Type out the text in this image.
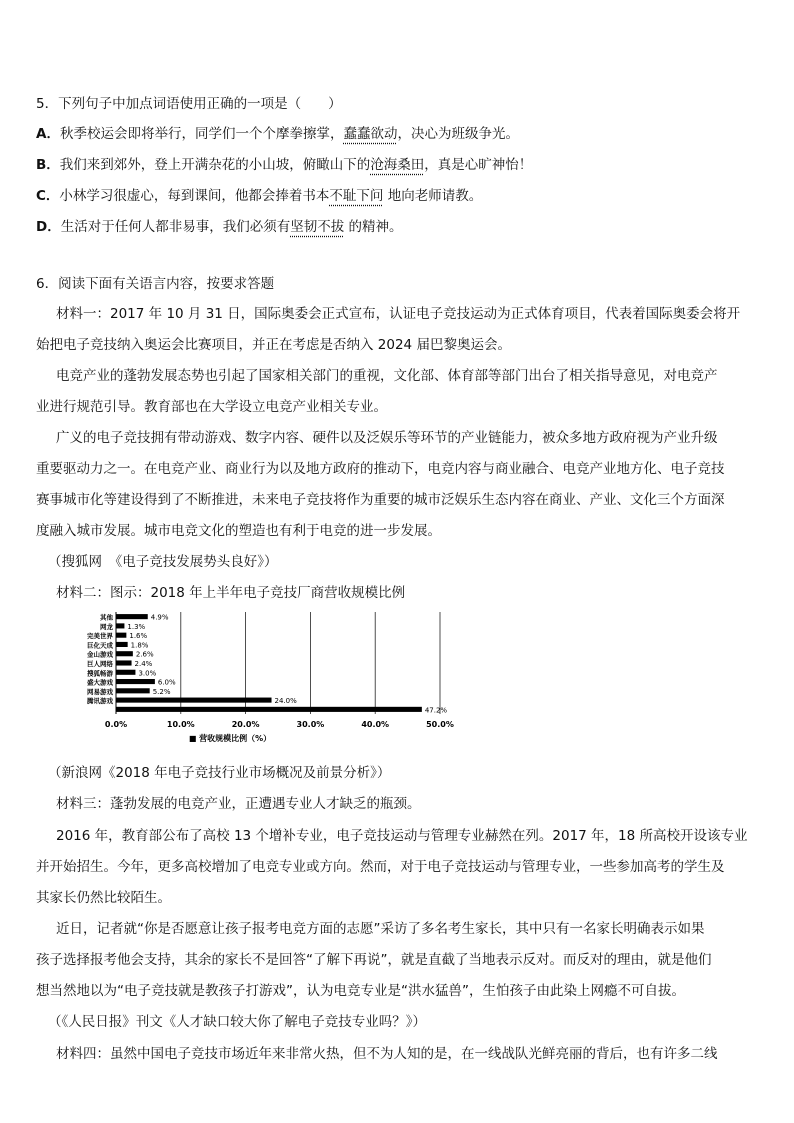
5．下列句子中加点词语使用正确的一项是（　　）
A．秋季校运会即将举行，同学们一个个摩拳擦掌，蠢蠢欲动，决心为班级争光。
B．我们来到郊外，登上开满杂花的小山坡，俯瞰山下的沧海桑田，真是心旷神怡！
C．小林学习很虚心，每到课间，他都会捧着书本不耻下问 地向老师请教。
D．生活对于任何人都非易事，我们必须有坚韧不拔 的精神。
6．阅读下面有关语言内容，按要求答题
材料一：2017 年 10 月 31 日，国际奥委会正式宣布，认证电子竞技运动为正式体育项目，代表着国际奥委会将开
始把电子竞技纳入奥运会比赛项目，并正在考虑是否纳入 2024 届巴黎奥运会。
电竞产业的蓬勃发展态势也引起了国家相关部门的重视，文化部、体育部等部门出台了相关指导意见，对电竞产
业进行规范引导。教育部也在大学设立电竞产业相关专业。
广义的电子竞技拥有带动游戏、数字内容、硬件以及泛娱乐等环节的产业链能力，被众多地方政府视为产业升级
重要驱动力之一。在电竞产业、商业行为以及地方政府的推动下，电竞内容与商业融合、电竞产业地方化、电子竞技
赛事城市化等建设得到了不断推进，未来电子竞技将作为重要的城市泛娱乐生态内容在商业、产业、文化三个方面深
度融入城市发展。城市电竞文化的塑造也有利于电竞的进一步发展。
（搜狐网　《电子竞技发展势头良好》）
材料二：图示：2018 年上半年电子竞技厂商营收规模比例
0.0%	10.0%	20.0%	30.0%	40.0%	50.0%
4.9%
其他
1.3%
网龙
1.6%
完美世界
1.8%
巨化天成
2.6%
金山游戏
2.4%
巨人网络
3.0%
搜狐畅游
6.0%
盛大游戏
5.2%
网易游戏
24.0%
腾讯游戏
47.2%
■ 营收规模比例（%）
（新浪网《2018 年电子竞技行业市场概况及前景分析》）
材料三：蓬勃发展的电竞产业，正遭遇专业人才缺乏的瓶颈。
2016 年，教育部公布了高校 13 个增补专业，电子竞技运动与管理专业赫然在列。2017 年，18 所高校开设该专业
并开始招生。今年，更多高校增加了电竞专业或方向。然而，对于电子竞技运动与管理专业，一些参加高考的学生及
其家长仍然比较陌生。
近日，记者就“你是否愿意让孩子报考电竞方面的志愿”采访了多名考生家长，其中只有一名家长明确表示如果
孩子选择报考他会支持，其余的家长不是回答“了解下再说”，就是直截了当地表示反对。而反对的理由，就是他们
想当然地以为“电子竞技就是教孩子打游戏”，认为电竞专业是“洪水猛兽”，生怕孩子由此染上网瘾不可自拔。
（《人民日报》刊文《人才缺口较大你了解电子竞技专业吗？》）
材料四：虽然中国电子竞技市场近年来非常火热，但不为人知的是，在一线战队光鲜亮丽的背后，也有许多二线
